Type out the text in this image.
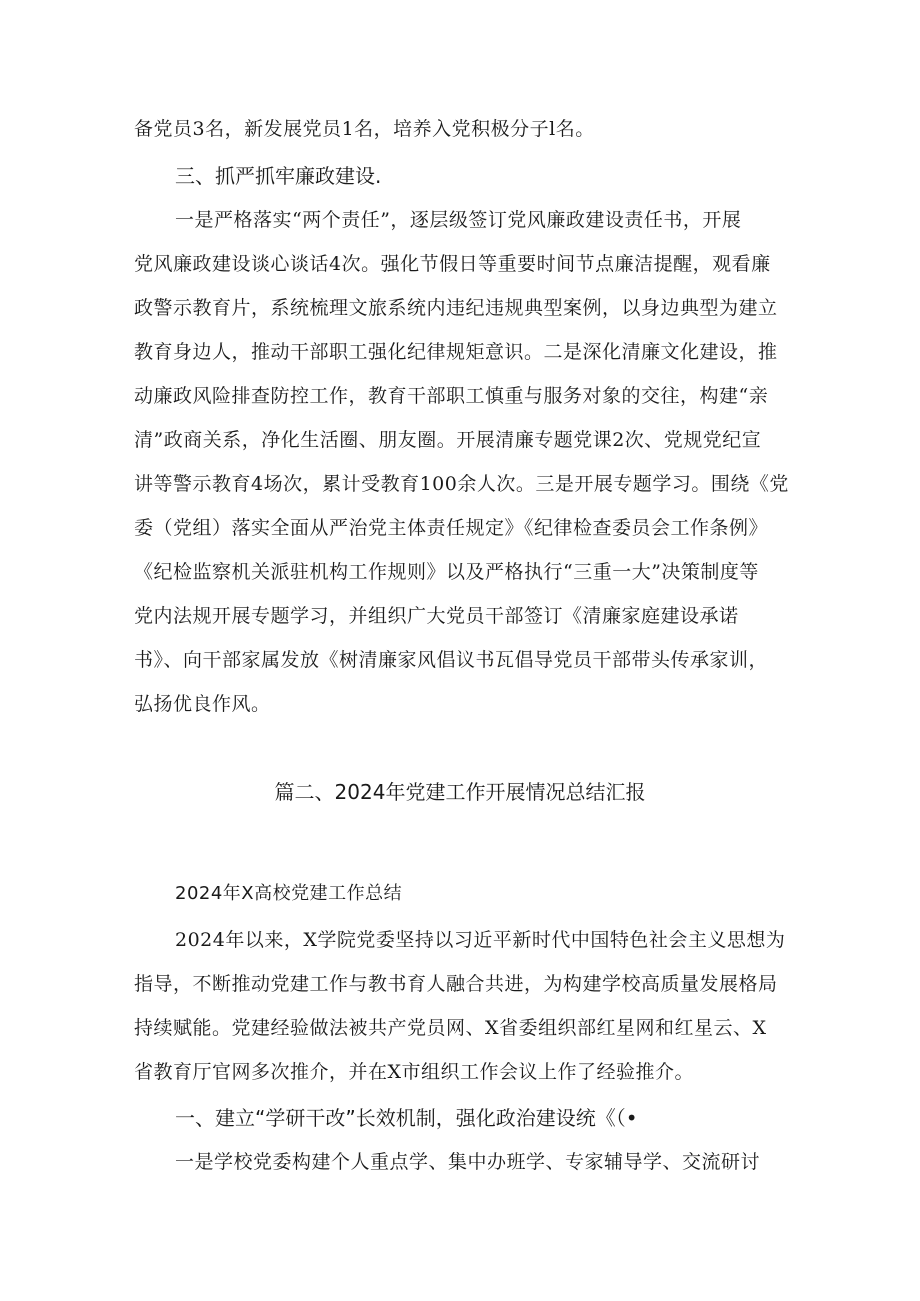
备党员3名，新发展党员1名，培养入党积极分子l名。
三、抓严抓牢廉政建设.
一是严格落实“两个责任”，逐层级签订党风廉政建设责任书，开展
党风廉政建设谈心谈话4次。强化节假日等重要时间节点廉洁提醒，观看廉
政警示教育片，系统梳理文旅系统内违纪违规典型案例，以身边典型为建立
教育身边人，推动干部职工强化纪律规矩意识。二是深化清廉文化建设，推
动廉政风险排查防控工作，教育干部职工慎重与服务对象的交往，构建“亲
清”政商关系，净化生活圈、朋友圈。开展清廉专题党课2次、党规党纪宣
讲等警示教育4场次，累计受教育100余人次。三是开展专题学习。围绕《党
委（党组）落实全面从严治党主体责任规定》《纪律检查委员会工作条例》
《纪检监察机关派驻机构工作规则》以及严格执行“三重一大”决策制度等
党内法规开展专题学习，并组织广大党员干部签订《清廉家庭建设承诺
书》、向干部家属发放《树清廉家风倡议书瓦倡导党员干部带头传承家训，
弘扬优良作风。
篇二、2024年党建工作开展情况总结汇报
2024年X高校党建工作总结
2024年以来，X学院党委坚持以习近平新时代中国特色社会主义思想为
指导，不断推动党建工作与教书育人融合共进，为构建学校高质量发展格局
持续赋能。党建经验做法被共产党员网、X省委组织部红星网和红星云、X
省教育厅官网多次推介，并在X市组织工作会议上作了经验推介。
一、建立“学研干改”长效机制，强化政治建设统《（•
一是学校党委构建个人重点学、集中办班学、专家辅导学、交流研讨
